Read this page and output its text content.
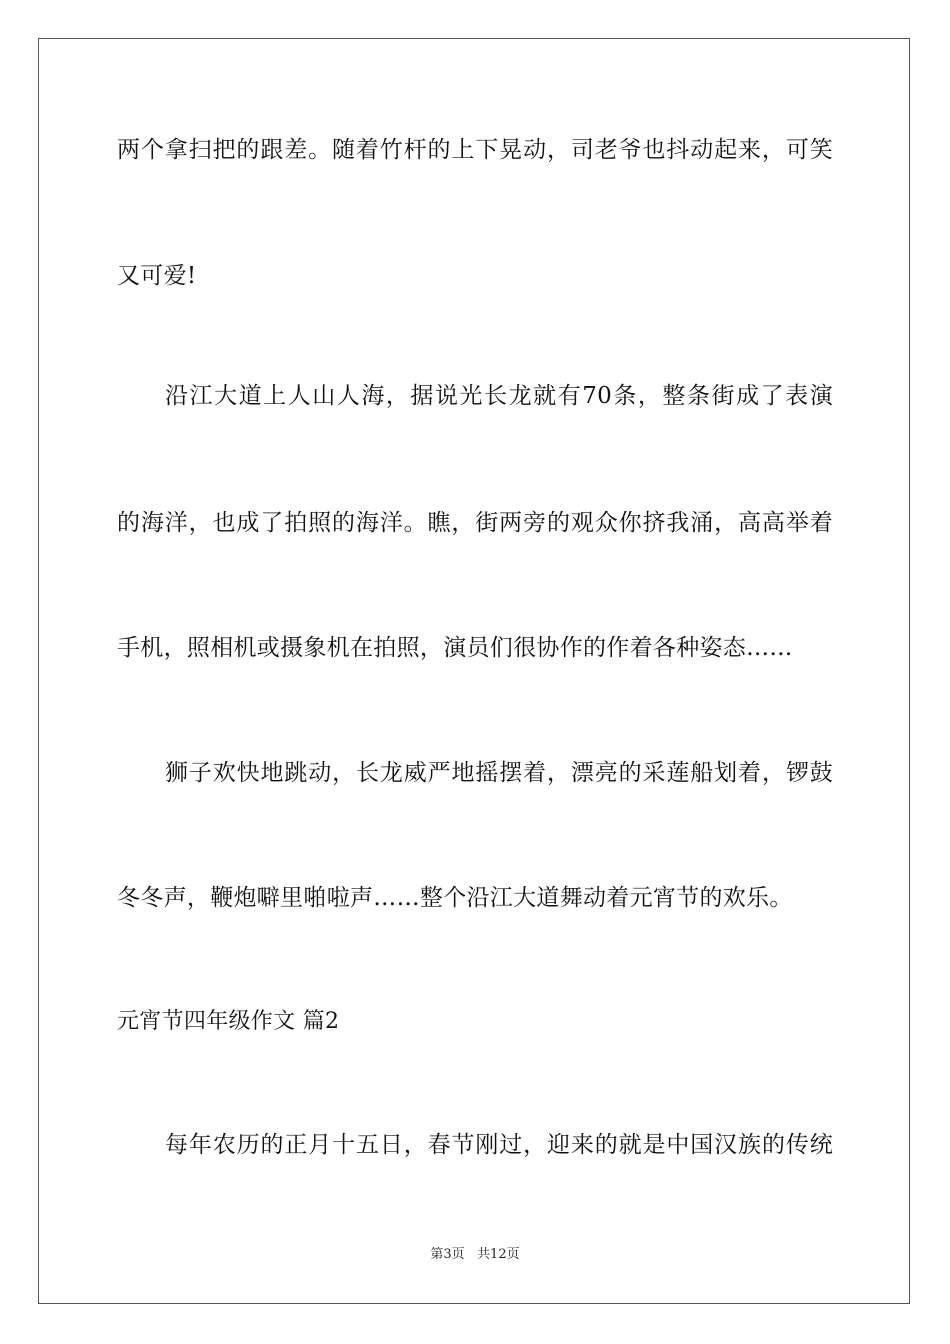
两个拿扫把的跟差。随着竹杆的上下晃动，司老爷也抖动起来，可笑
又可爱!
沿江大道上人山人海，据说光长龙就有70条，整条街成了表演
的海洋，也成了拍照的海洋。瞧，街两旁的观众你挤我涌，高高举着
手机，照相机或摄象机在拍照，演员们很协作的作着各种姿态……
狮子欢快地跳动，长龙威严地摇摆着，漂亮的采莲船划着，锣鼓
冬冬声，鞭炮噼里啪啦声……整个沿江大道舞动着元宵节的欢乐。
元宵节四年级作文 篇2
每年农历的正月十五日，春节刚过，迎来的就是中国汉族的传统
第3页   共12页
